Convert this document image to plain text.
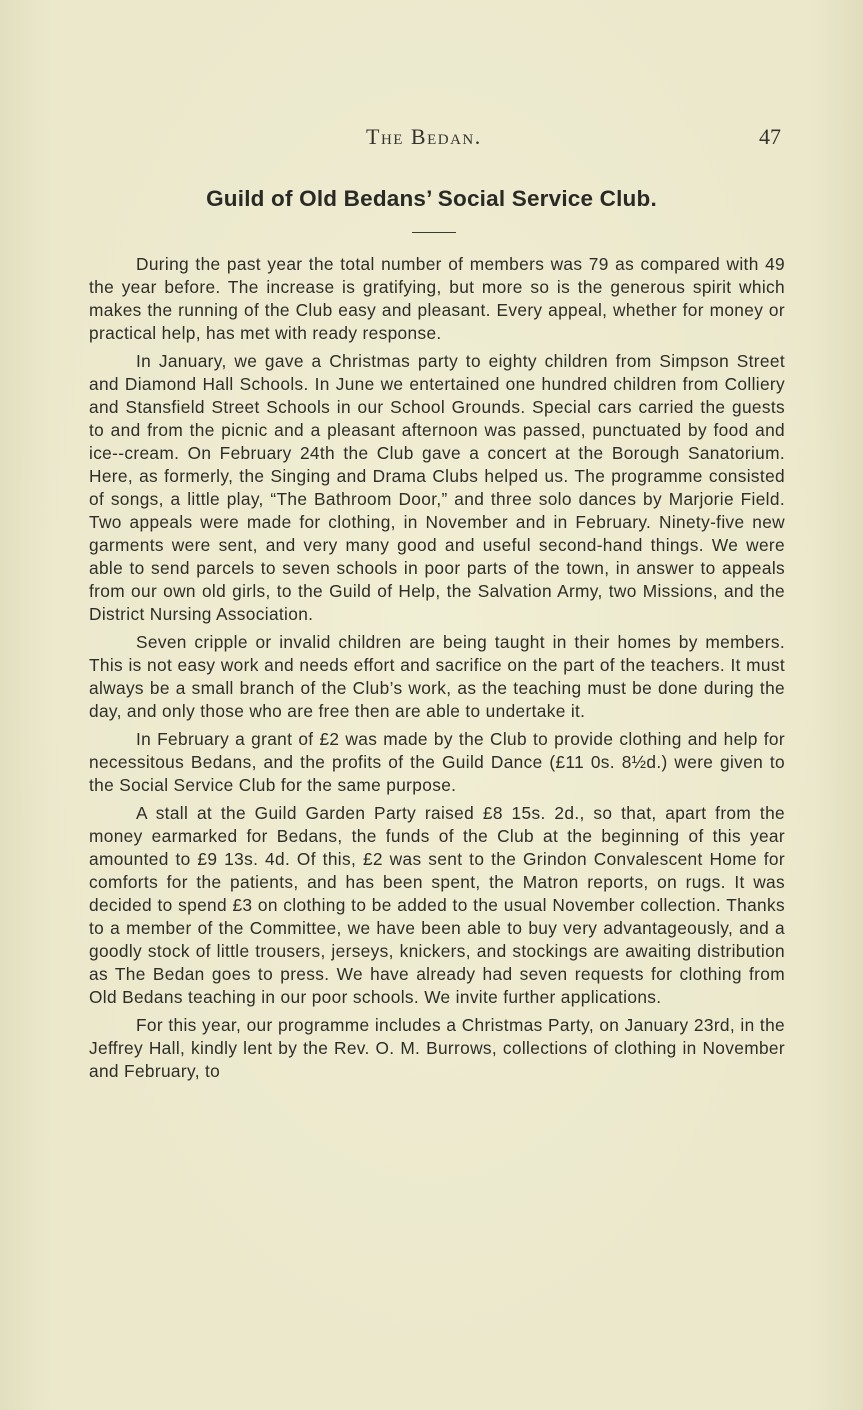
The Bedan.	47
Guild of Old Bedans’ Social Service Club.

During the past year the total number of members was 79 as compared with 49 the year before. The increase is gratifying, but more so is the generous spirit which makes the running of the Club easy and pleasant. Every appeal, whether for money or practical help, has met with ready response.

In January, we gave a Christmas party to eighty children from Simpson Street and Diamond Hall Schools. In June we entertained one hundred children from Colliery and Stansfield Street Schools in our School Grounds. Special cars carried the guests to and from the picnic and a pleasant afternoon was passed, punctuated by food and ice--cream. On February 24th the Club gave a concert at the Borough Sanatorium. Here, as formerly, the Singing and Drama Clubs helped us. The programme consisted of songs, a little play, “The Bathroom Door,” and three solo dances by Marjorie Field. Two appeals were made for clothing, in November and in February. Ninety-five new garments were sent, and very many good and useful second-hand things. We were able to send parcels to seven schools in poor parts of the town, in answer to appeals from our own old girls, to the Guild of Help, the Salvation Army, two Missions, and the District Nursing Association.

Seven cripple or invalid children are being taught in their homes by members. This is not easy work and needs effort and sacrifice on the part of the teachers. It must always be a small branch of the Club’s work, as the teaching must be done during the day, and only those who are free then are able to undertake it.

In February a grant of £2 was made by the Club to provide clothing and help for necessitous Bedans, and the profits of the Guild Dance (£11 0s. 8½d.) were given to the Social Service Club for the same purpose.

A stall at the Guild Garden Party raised £8 15s. 2d., so that, apart from the money earmarked for Bedans, the funds of the Club at the beginning of this year amounted to £9 13s. 4d. Of this, £2 was sent to the Grindon Convalescent Home for comforts for the patients, and has been spent, the Matron reports, on rugs. It was decided to spend £3 on clothing to be added to the usual November collection. Thanks to a member of the Committee, we have been able to buy very advantageously, and a goodly stock of little trousers, jerseys, knickers, and stockings are awaiting distribution as The Bedan goes to press. We have already had seven requests for clothing from Old Bedans teaching in our poor schools. We invite further applications.

For this year, our programme includes a Christmas Party, on January 23rd, in the Jeffrey Hall, kindly lent by the Rev. O. M. Burrows, collections of clothing in November and February, to
